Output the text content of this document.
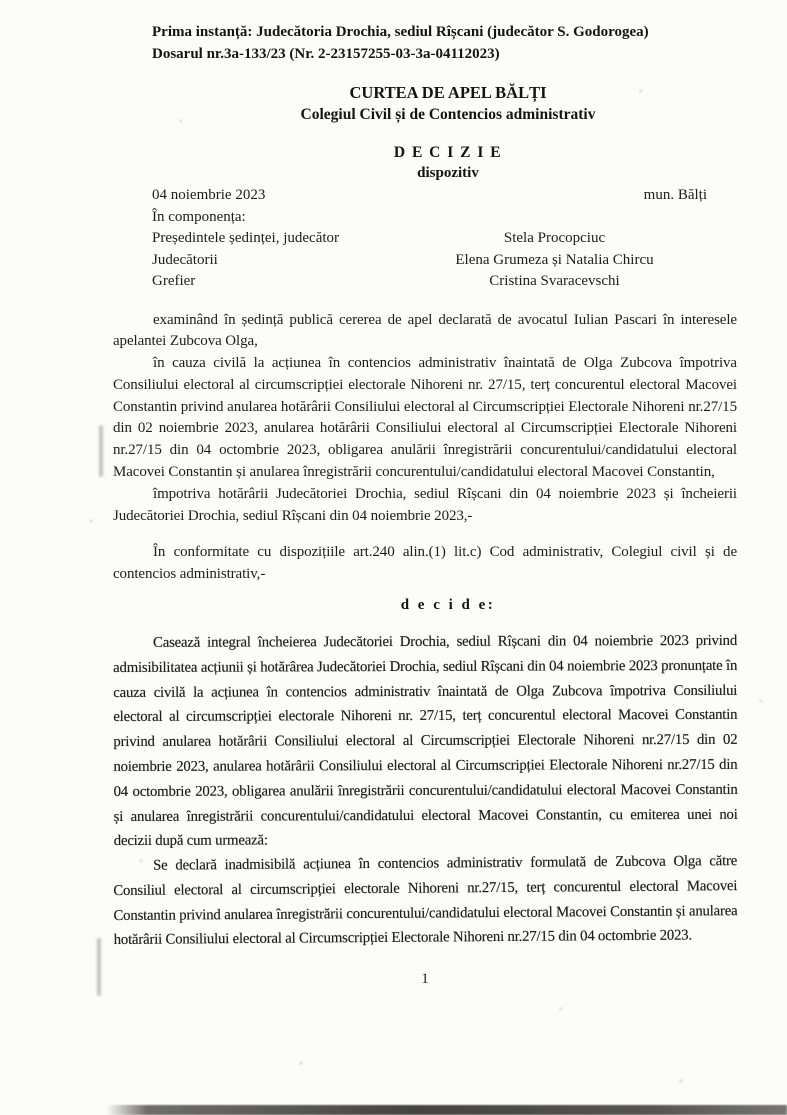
Prima instanță: Judecătoria Drochia, sediul Rîșcani (judecător S. Godorogea)
Dosarul nr.3a-133/23 (Nr. 2-23157255-03-3a-04112023)
CURTEA DE APEL BĂLȚI
Colegiul Civil și de Contencios administrativ
D E C I Z I E
dispozitiv
04 noiembrie 2023	mun. Bălți
În componența:
Președintele ședinței, judecător	Stela Procopciuc
Judecătorii	Elena Grumeza și Natalia Chircu
Grefier	Cristina Svaracevschi

examinând în ședință publică cererea de apel declarată de avocatul Iulian Pascari în interesele apelantei Zubcova Olga,

în cauza civilă la acțiunea în contencios administrativ înaintată de Olga Zubcova împotriva Consiliului electoral al circumscripției electorale Nihoreni nr. 27/15, terț concurentul electoral Macovei Constantin privind anularea hotărârii Consiliului electoral al Circumscripției Electorale Nihoreni nr.27/15 din 02 noiembrie 2023, anularea hotărârii Consiliului electoral al Circumscripției Electorale Nihoreni nr.27/15 din 04 octombrie 2023, obligarea anulării înregistrării concurentului/candidatului electoral Macovei Constantin și anularea înregistrării concurentului/candidatului electoral Macovei Constantin,

împotriva hotărârii Judecătoriei Drochia, sediul Rîșcani din 04 noiembrie 2023 și încheierii Judecătoriei Drochia, sediul Rîșcani din 04 noiembrie 2023,-

În conformitate cu dispozițiile art.240 alin.(1) lit.c) Cod administrativ, Colegiul civil și de contencios administrativ,-

d e c i d e:

Casează integral încheierea Judecătoriei Drochia, sediul Rîșcani din 04 noiembrie 2023 privind admisibilitatea acțiunii și hotărârea Judecătoriei Drochia, sediul Rîșcani din 04 noiembrie 2023 pronunțate în cauza civilă la acțiunea în contencios administrativ înaintată de Olga Zubcova împotriva Consiliului electoral al circumscripției electorale Nihoreni nr. 27/15, terț concurentul electoral Macovei Constantin privind anularea hotărârii Consiliului electoral al Circumscripției Electorale Nihoreni nr.27/15 din 02 noiembrie 2023, anularea hotărârii Consiliului electoral al Circumscripției Electorale Nihoreni nr.27/15 din 04 octombrie 2023, obligarea anulării înregistrării concurentului/candidatului electoral Macovei Constantin și anularea înregistrării concurentului/candidatului electoral Macovei Constantin, cu emiterea unei noi decizii după cum urmează:

Se declară inadmisibilă acțiunea în contencios administrativ formulată de Zubcova Olga către Consiliul electoral al circumscripției electorale Nihoreni nr.27/15, terț concurentul electoral Macovei Constantin privind anularea înregistrării concurentului/candidatului electoral Macovei Constantin și anularea hotărârii Consiliului electoral al Circumscripției Electorale Nihoreni nr.27/15 din 04 octombrie 2023.

1
